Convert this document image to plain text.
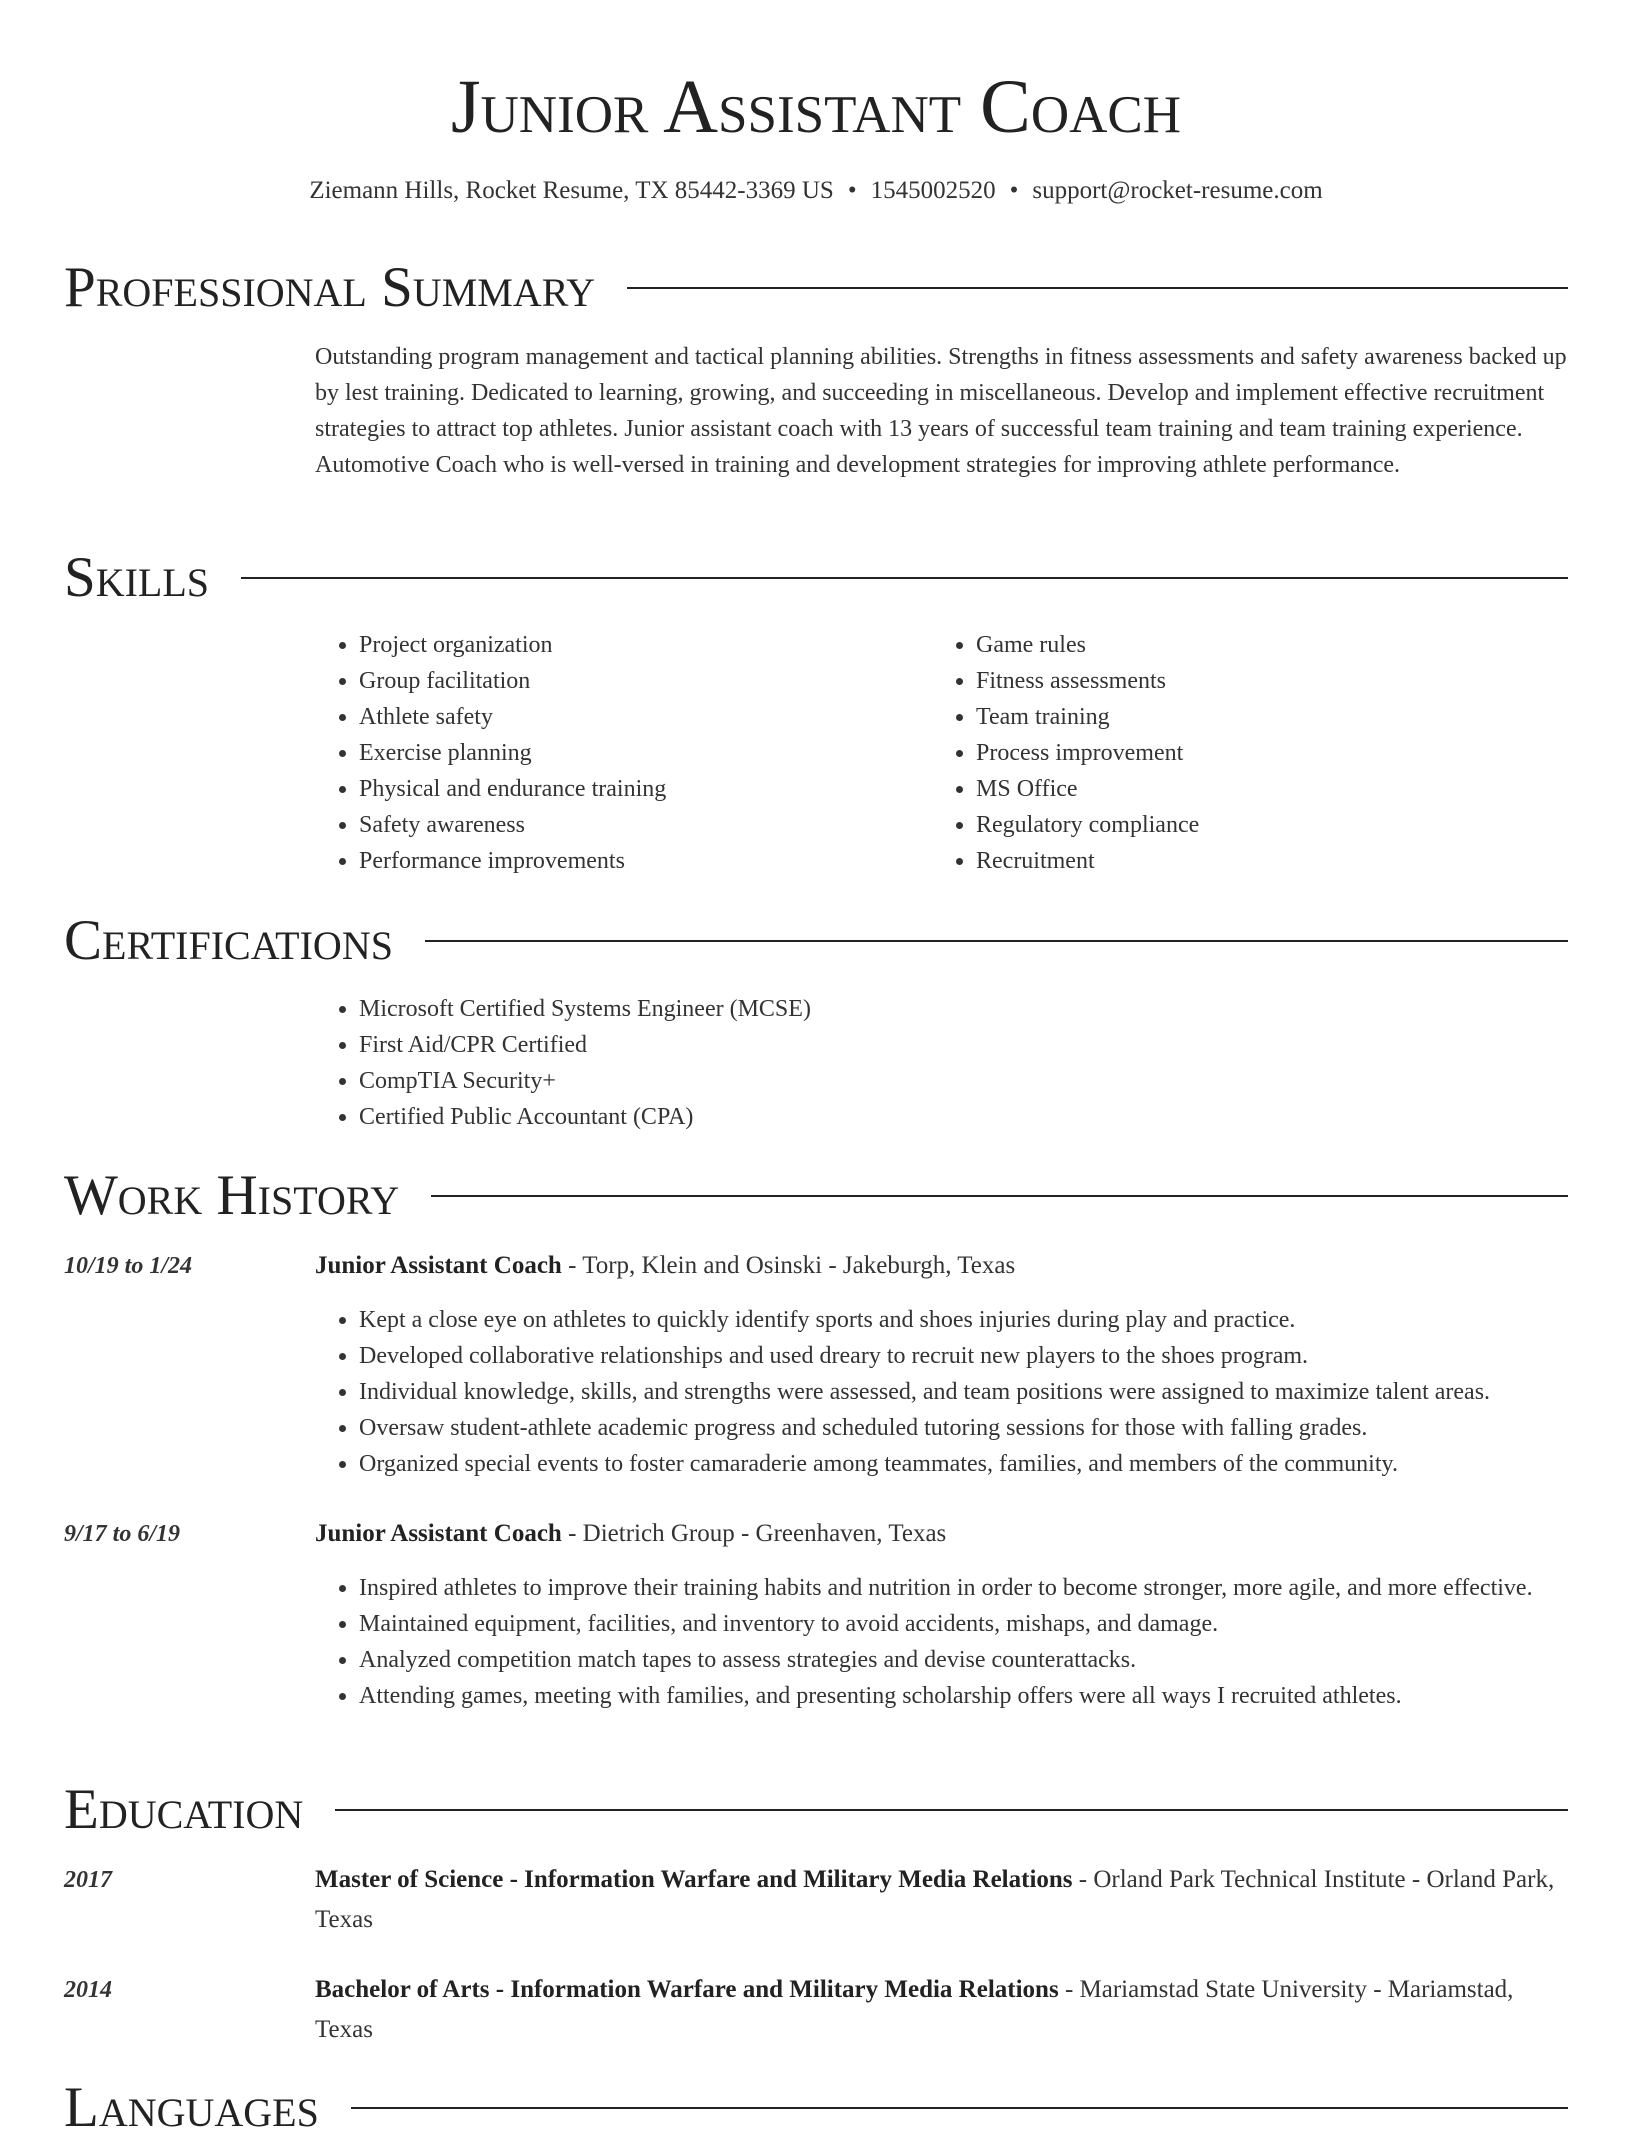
Junior Assistant Coach
Ziemann Hills, Rocket Resume, TX 85442-3369 US • 1545002520 • support@rocket-resume.com
Professional Summary
Outstanding program management and tactical planning abilities. Strengths in fitness assessments and safety awareness backed up by lest training. Dedicated to learning, growing, and succeeding in miscellaneous. Develop and implement effective recruitment strategies to attract top athletes. Junior assistant coach with 13 years of successful team training and team training experience. Automotive Coach who is well-versed in training and development strategies for improving athlete performance.
Skills
• Project organization
• Group facilitation
• Athlete safety
• Exercise planning
• Physical and endurance training
• Safety awareness
• Performance improvements
• Game rules
• Fitness assessments
• Team training
• Process improvement
• MS Office
• Regulatory compliance
• Recruitment
Certifications
• Microsoft Certified Systems Engineer (MCSE)
• First Aid/CPR Certified
• CompTIA Security+
• Certified Public Accountant (CPA)
Work History
10/19 to 1/24	Junior Assistant Coach - Torp, Klein and Osinski - Jakeburgh, Texas
• Kept a close eye on athletes to quickly identify sports and shoes injuries during play and practice.
• Developed collaborative relationships and used dreary to recruit new players to the shoes program.
• Individual knowledge, skills, and strengths were assessed, and team positions were assigned to maximize talent areas.
• Oversaw student-athlete academic progress and scheduled tutoring sessions for those with falling grades.
• Organized special events to foster camaraderie among teammates, families, and members of the community.
9/17 to 6/19	Junior Assistant Coach - Dietrich Group - Greenhaven, Texas
• Inspired athletes to improve their training habits and nutrition in order to become stronger, more agile, and more effective.
• Maintained equipment, facilities, and inventory to avoid accidents, mishaps, and damage.
• Analyzed competition match tapes to assess strategies and devise counterattacks.
• Attending games, meeting with families, and presenting scholarship offers were all ways I recruited athletes.
Education
2017	Master of Science - Information Warfare and Military Media Relations - Orland Park Technical Institute - Orland Park, Texas
2014	Bachelor of Arts - Information Warfare and Military Media Relations - Mariamstad State University - Mariamstad, Texas
Languages
